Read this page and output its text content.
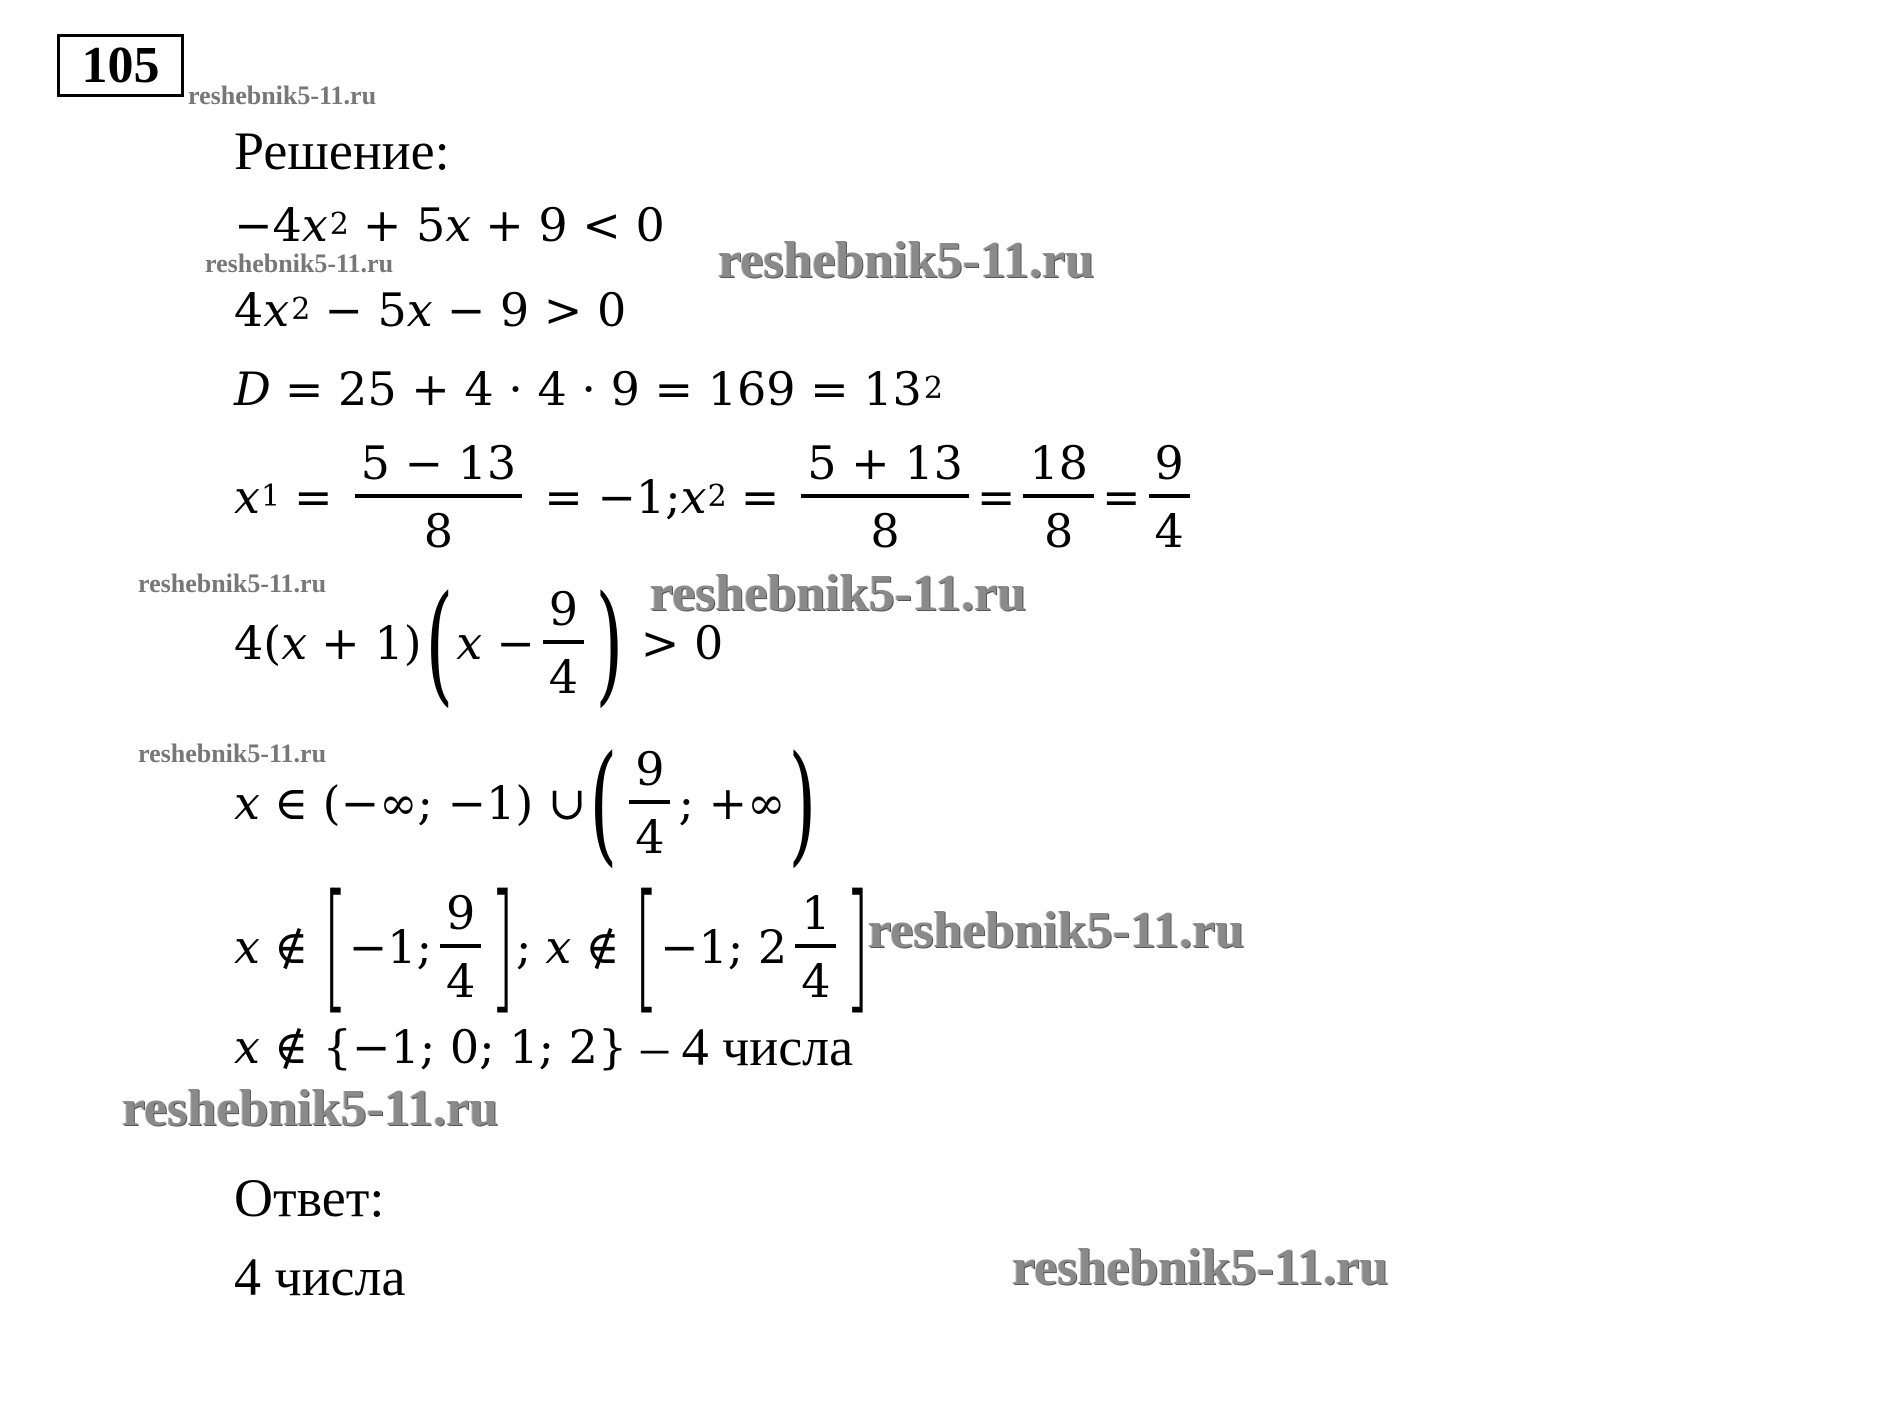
105
Решение:
−4 x 2 + 5 x + 9 < 0
4 x 2 − 5 x − 9 > 0
D = 25 + 4 · 4 · 9 = 169 = 13 2
x $1 = \frac{5 - 13}{8} = -1$; x $2 = \frac{5 + 13}{8} = \frac{18}{8} = \frac{9}{4}$
4( x + 1) ( $x - \frac{9}{4}$ ) > 0
x ∈ (−∞; −1) ∪ ( $\frac{9}{4}$ ; +∞ )
x ∉ [ −1; $\frac{9}{4}$ ] ; x ∉ [ −1; $2 \frac{1}{4}$ ]
x ∉ {−1; 0; 1; 2} – 4 числа
Ответ:
4 числа
reshebnik5-11.ru
reshebnik5-11.ru	reshebnik5-11.ru
reshebnik5-11.ru	reshebnik5-11.ru
reshebnik5-11.ru
reshebnik5-11.ru
reshebnik5-11.ru
reshebnik5-11.ru
